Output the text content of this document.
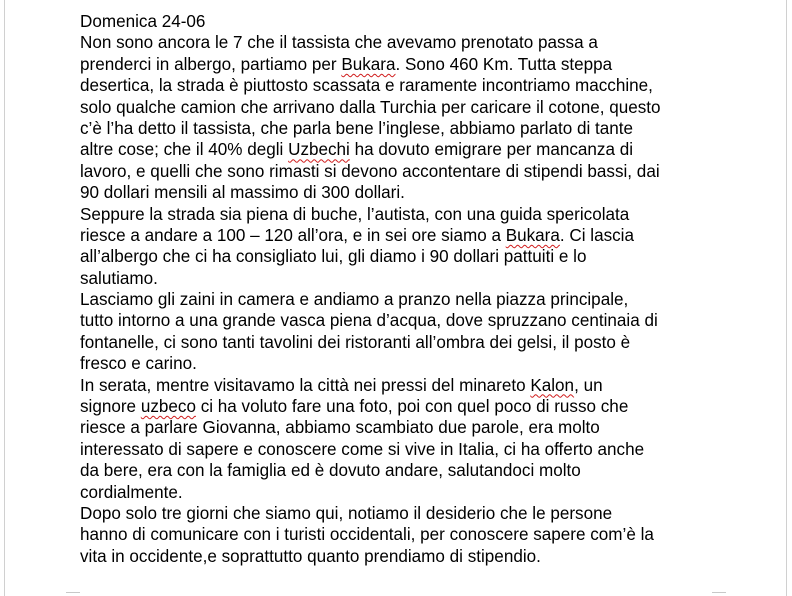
Domenica 24-06
Non sono ancora le 7 che il tassista che avevamo prenotato passa a
prenderci in albergo, partiamo per Bukara. Sono 460 Km. Tutta steppa
desertica, la strada è piuttosto scassata e raramente incontriamo macchine,
solo qualche camion che arrivano dalla Turchia per caricare il cotone, questo
c’è l’ha detto il tassista, che parla bene l’inglese, abbiamo parlato di tante
altre cose; che il 40% degli Uzbechi ha dovuto emigrare per mancanza di
lavoro, e quelli che sono rimasti si devono accontentare di stipendi bassi, dai
90 dollari mensili al massimo di 300 dollari.
Seppure la strada sia piena di buche, l’autista, con una guida spericolata
riesce a andare a 100 – 120 all’ora, e in sei ore siamo a Bukara. Ci lascia
all’albergo che ci ha consigliato lui, gli diamo i 90 dollari pattuiti e lo
salutiamo.
Lasciamo gli zaini in camera e andiamo a pranzo nella piazza principale,
tutto intorno a una grande vasca piena d’acqua, dove spruzzano centinaia di
fontanelle, ci sono tanti tavolini dei ristoranti all’ombra dei gelsi, il posto è
fresco e carino.
In serata, mentre visitavamo la città nei pressi del minareto Kalon, un
signore uzbeco ci ha voluto fare una foto, poi con quel poco di russo che
riesce a parlare Giovanna, abbiamo scambiato due parole, era molto
interessato di sapere e conoscere come si vive in Italia, ci ha offerto anche
da bere, era con la famiglia ed è dovuto andare, salutandoci molto
cordialmente.
Dopo solo tre giorni che siamo qui, notiamo il desiderio che le persone
hanno di comunicare con i turisti occidentali, per conoscere sapere com’è la
vita in occidente,e soprattutto quanto prendiamo di stipendio.
